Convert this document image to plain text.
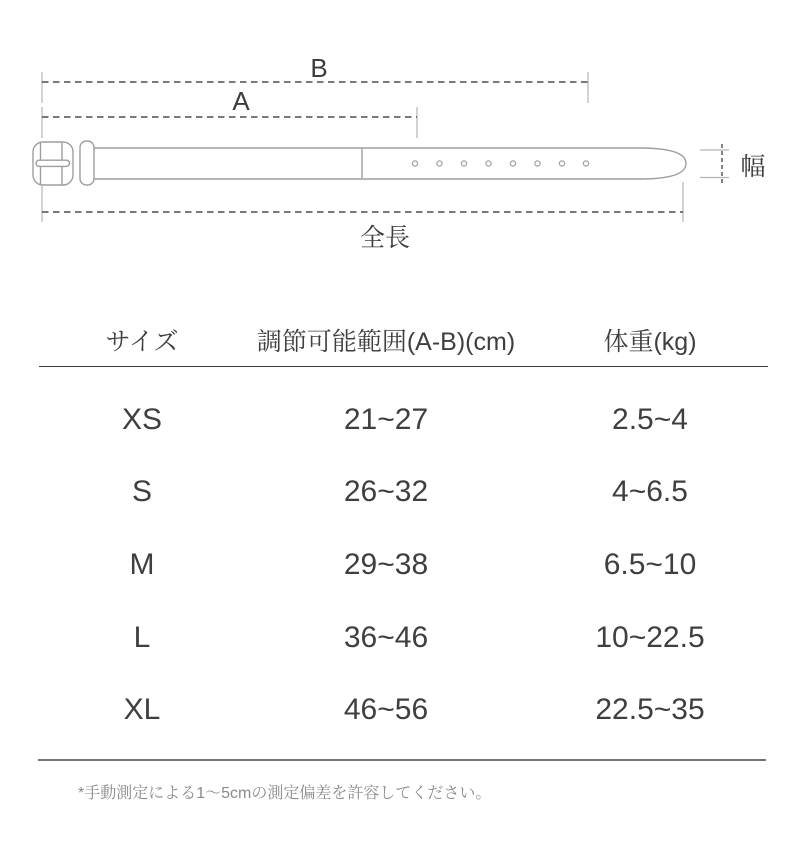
B
A
全長
幅
サイズ	調節可能範囲(A-B)(cm)	体重(kg)
XS	21~27	2.5~4
S	26~32	4~6.5
M	29~38	6.5~10
L	36~46	10~22.5
XL	46~56	22.5~35
*手動測定による1〜5cmの測定偏差を許容してください。
